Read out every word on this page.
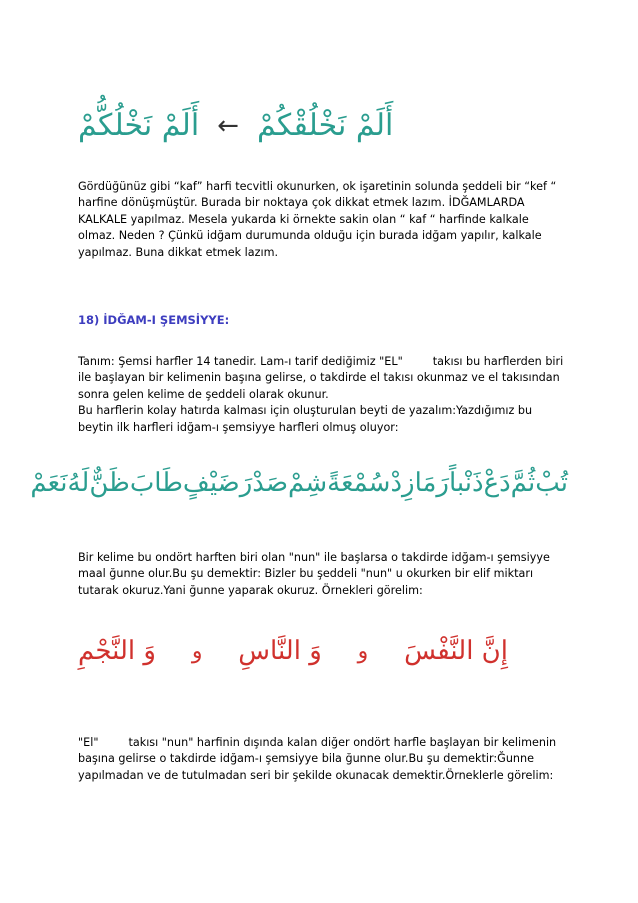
أَلَمْ نَخْلُقْكُمْ
←
أَلَمْ نَخْلُكُّمْ

Gördüğünüz gibi “kaf” harfi tecvitli okunurken, ok işaretinin solunda şeddeli bir “kef “ harfine dönüşmüştür. Burada bir noktaya çok dikkat etmek lazım. İDĞAMLARDA KALKALE yapılmaz. Mesela yukarda ki örnekte sakin olan “ kaf “ harfinde kalkale olmaz. Neden ? Çünkü idğam durumunda olduğu için burada idğam yapılır, kalkale yapılmaz. Buna dikkat etmek lazım.

18) İDĞAM-I ŞEMSİYYE:

Tanım: Şemsi harfler 14 tanedir. Lam-ı tarif dediğimiz "EL"	takısı bu harflerden biri ile başlayan bir kelimenin başına gelirse, o takdirde el takısı okunmaz ve el takısından sonra gelen kelime de şeddeli olarak okunur.
Bu harflerin kolay hatırda kalması için oluşturulan beyti de yazalım:Yazdığımız bu beytin ilk harfleri idğam-ı şemsiyye harfleri olmuş oluyor:

تُبْ
ثُمَّ
دَعْ
ذَنْباً
رَمَا
زِدْ
سُمْعَةً
شِمْ
صَدْرَ
ضَيْفٍ
طَابَ
ظَنٌّ
لَهُ
نَعَمْ

Bir kelime bu ondört harften biri olan "nun" ile başlarsa o takdirde idğam-ı şemsiyye maal ğunne olur.Bu şu demektir: Bizler bu şeddeli "nun" u okurken bir elif miktarı tutarak okuruz.Yani ğunne yaparak okuruz. Örnekleri görelim:

إِنَّ النَّفْسَ
و
وَ النَّاسِ
و
وَ النَّجْمِ

"El"	takısı "nun" harfinin dışında kalan diğer ondört harfle başlayan bir kelimenin başına gelirse o takdirde idğam-ı şemsiyye bila ğunne olur.Bu şu demektir:Ğunne yapılmadan ve de tutulmadan seri bir şekilde okunacak demektir.Örneklerle görelim:
